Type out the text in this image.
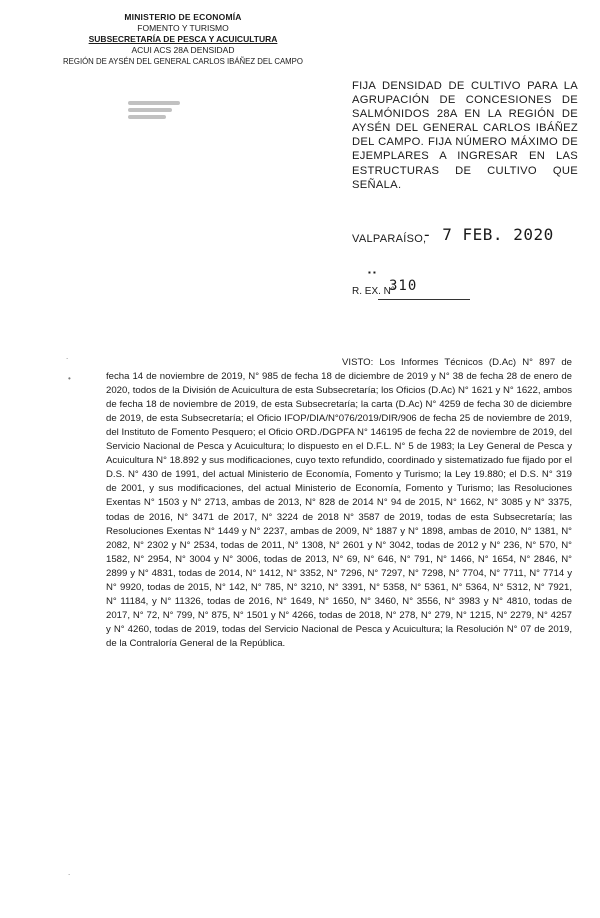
MINISTERIO DE ECONOMÍA
FOMENTO Y TURISMO
SUBSECRETARÍA DE PESCA Y ACUICULTURA
ACUI ACS 28A DENSIDAD
REGIÓN DE AYSÉN DEL GENERAL CARLOS IBÁÑEZ DEL CAMPO
FIJA DENSIDAD DE CULTIVO PARA LA AGRUPACIÓN DE CONCESIONES DE SALMÓNIDOS 28A EN LA REGIÓN DE AYSÉN DEL GENERAL CARLOS IBÁÑEZ DEL CAMPO. FIJA NÚMERO MÁXIMO DE EJEMPLARES A INGRESAR EN LAS ESTRUCTURAS DE CULTIVO QUE SEÑALA.
VALPARAÍSO,
- 7 FEB. 2020
▪ ▪
R. EX. N°
310
.
•
.

VISTO: Los Informes Técnicos (D.Ac) N° 897 de fecha 14 de noviembre de 2019, N° 985 de fecha 18 de diciembre de 2019 y N° 38 de fecha 28 de enero de 2020, todos de la División de Acuicultura de esta Subsecretaría; los Oficios (D.Ac) N° 1621 y N° 1622, ambos de fecha 18 de noviembre de 2019, de esta Subsecretaría; la carta (D.Ac) N° 4259 de fecha 30 de diciembre de 2019, de esta Subsecretaría; el Oficio IFOP/DIA/N°076/2019/DIR/906 de fecha 25 de noviembre de 2019, del Instituto de Fomento Pesquero; el Oficio ORD./DGPFA N° 146195 de fecha 22 de noviembre de 2019, del Servicio Nacional de Pesca y Acuicultura; lo dispuesto en el D.F.L. N° 5 de 1983; la Ley General de Pesca y Acuicultura N° 18.892 y sus modificaciones, cuyo texto refundido, coordinado y sistematizado fue fijado por el D.S. N° 430 de 1991, del actual Ministerio de Economía, Fomento y Turismo; la Ley 19.880; el D.S. N° 319 de 2001, y sus modificaciones, del actual Ministerio de Economía, Fomento y Turismo; las Resoluciones Exentas N° 1503 y N° 2713, ambas de 2013, N° 828 de 2014 N° 94 de 2015, N° 1662, N° 3085 y N° 3375, todas de 2016, N° 3471 de 2017, N° 3224 de 2018 N° 3587 de 2019, todas de esta Subsecretaría; las Resoluciones Exentas N° 1449 y N° 2237, ambas de 2009, N° 1887 y N° 1898, ambas de 2010, N° 1381, N° 2082, N° 2302 y N° 2534, todas de 2011, N° 1308, N° 2601 y N° 3042, todas de 2012 y N° 236, N° 570, N° 1582, N° 2954, N° 3004 y N° 3006, todas de 2013, N° 69, N° 646, N° 791, N° 1466, N° 1654, N° 2846, N° 2899 y N° 4831, todas de 2014, N° 1412, N° 3352, N° 7296, N° 7297, N° 7298, N° 7704, N° 7711, N° 7714 y N° 9920, todas de 2015, N° 142, N° 785, N° 3210, N° 3391, N° 5358, N° 5361, N° 5364, N° 5312, N° 7921, N° 11184, y N° 11326, todas de 2016, N° 1649, N° 1650, N° 3460, N° 3556, N° 3983 y N° 4810, todas de 2017, N° 72, N° 799, N° 875, N° 1501 y N° 4266, todas de 2018, N° 278, N° 279, N° 1215, N° 2279, N° 4257 y N° 4260, todas de 2019, todas del Servicio Nacional de Pesca y Acuicultura; la Resolución N° 07 de 2019, de la Contraloría General de la República.
